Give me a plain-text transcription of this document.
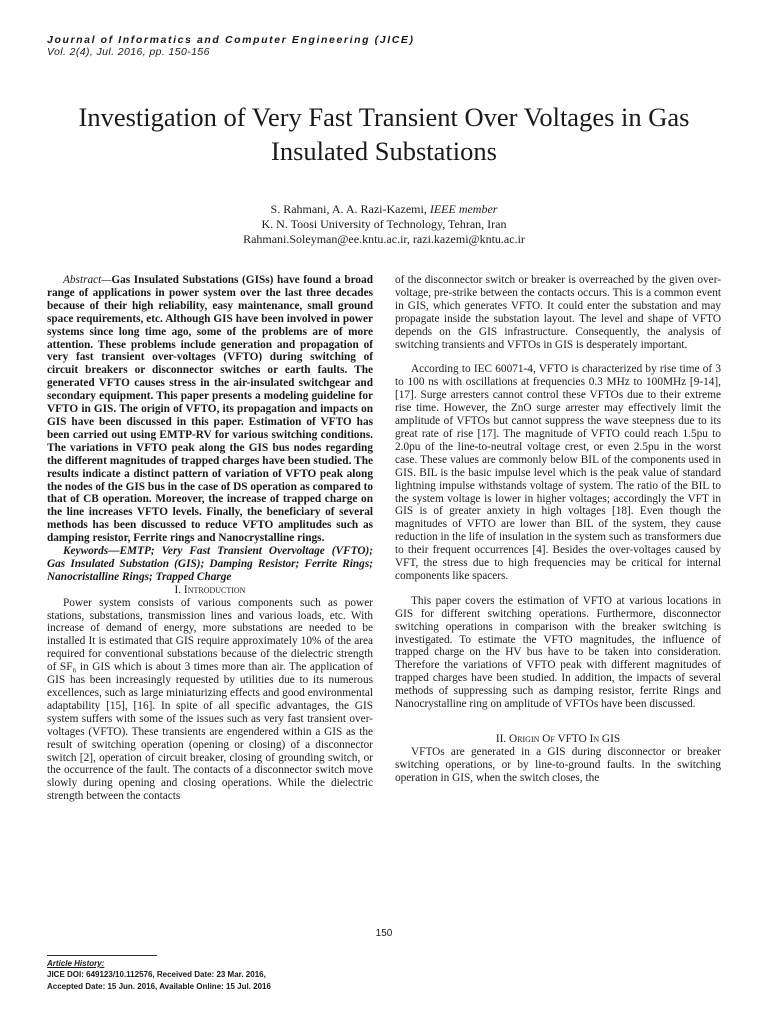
Journal of Informatics and Computer Engineering (JICE)
Vol. 2(4), Jul. 2016, pp. 150-156
Investigation of Very Fast Transient Over Voltages in Gas Insulated Substations
S. Rahmani, A. A. Razi-Kazemi, IEEE member
K. N. Toosi University of Technology, Tehran, Iran
Rahmani.Soleyman@ee.kntu.ac.ir, razi.kazemi@kntu.ac.ir

Abstract—Gas Insulated Substations (GISs) have found a broad range of applications in power system over the last three decades because of their high reliability, easy maintenance, small ground space requirements, etc. Although GIS have been involved in power systems since long time ago, some of the problems are of more attention. These problems include generation and propagation of very fast transient over-voltages (VFTO) during switching of circuit breakers or disconnector switches or earth faults. The generated VFTO causes stress in the air-insulated switchgear and secondary equipment. This paper presents a modeling guideline for VFTO in GIS. The origin of VFTO, its propagation and impacts on GIS have been discussed in this paper. Estimation of VFTO has been carried out using EMTP-RV for various switching conditions. The variations in VFTO peak along the GIS bus nodes regarding the different magnitudes of trapped charges have been studied. The results indicate a distinct pattern of variation of VFTO peak along the nodes of the GIS bus in the case of DS operation as compared to that of CB operation. Moreover, the increase of trapped charge on the line increases VFTO levels. Finally, the beneficiary of several methods has been discussed to reduce VFTO amplitudes such as damping resistor, Ferrite rings and Nanocrystalline rings.

Keywords—EMTP; Very Fast Transient Overvoltage (VFTO); Gas Insulated Substation (GIS); Damping Resistor; Ferrite Rings; Nanocristalline Rings; Trapped Charge

I. Introduction

Power system consists of various components such as power stations, substations, transmission lines and various loads, etc. With increase of demand of energy, more substations are needed to be installed It is estimated that GIS require approximately 10% of the area required for conventional substations because of the dielectric strength of SF₆ in GIS which is about 3 times more than air. The application of GIS has been increasingly requested by utilities due to its numerous excellences, such as large miniaturizing effects and good environmental adaptability [15], [16]. In spite of all specific advantages, the GIS system suffers with some of the issues such as very fast transient over-voltages (VFTO). These transients are engendered within a GIS as the result of switching operation (opening or closing) of a disconnector switch [2], operation of circuit breaker, closing of grounding switch, or the occurrence of the fault. The contacts of a disconnector switch move slowly during opening and closing operations. While the dielectric strength between the contacts

of the disconnector switch or breaker is overreached by the given over-voltage, pre-strike between the contacts occurs. This is a common event in GIS, which generates VFTO. It could enter the substation and may propagate inside the substation layout. The level and shape of VFTO depends on the GIS infrastructure. Consequently, the analysis of switching transients and VFTOs in GIS is desperately important.

According to IEC 60071-4, VFTO is characterized by rise time of 3 to 100 ns with oscillations at frequencies 0.3 MHz to 100MHz [9-14], [17]. Surge arresters cannot control these VFTOs due to their extreme rise time. However, the ZnO surge arrester may effectively limit the amplitude of VFTOs but cannot suppress the wave steepness due to its great rate of rise [17]. The magnitude of VFTO could reach 1.5pu to 2.0pu of the line-to-neutral voltage crest, or even 2.5pu in the worst case. These values are commonly below BIL of the components used in GIS. BIL is the basic impulse level which is the peak value of standard lightning impulse withstands voltage of system. The ratio of the BIL to the system voltage is lower in higher voltages; accordingly the VFT in GIS is of greater anxiety in high voltages [18]. Even though the magnitudes of VFTO are lower than BIL of the system, they cause reduction in the life of insulation in the system such as transformers due to their frequent occurrences [4]. Besides the over-voltages caused by VFT, the stress due to high frequencies may be critical for internal components like spacers.

This paper covers the estimation of VFTO at various locations in GIS for different switching operations. Furthermore, disconnector switching operations in comparison with the breaker switching is investigated. To estimate the VFTO magnitudes, the influence of trapped charge on the HV bus have to be taken into consideration. Therefore the variations of VFTO peak with different magnitudes of trapped charges have been studied. In addition, the impacts of several methods of suppressing such as damping resistor, ferrite Rings and Nanocrystalline ring on amplitude of VFTOs have been discussed.

II. Origin Of VFTO In GIS

VFTOs are generated in a GIS during disconnector or breaker switching operations, or by line-to-ground faults. In the switching operation in GIS, when the switch closes, the

150
Article History:
JICE DOI: 649123/10.112576, Received Date: 23 Mar. 2016,
Accepted Date: 15 Jun. 2016, Available Online: 15 Jul. 2016
